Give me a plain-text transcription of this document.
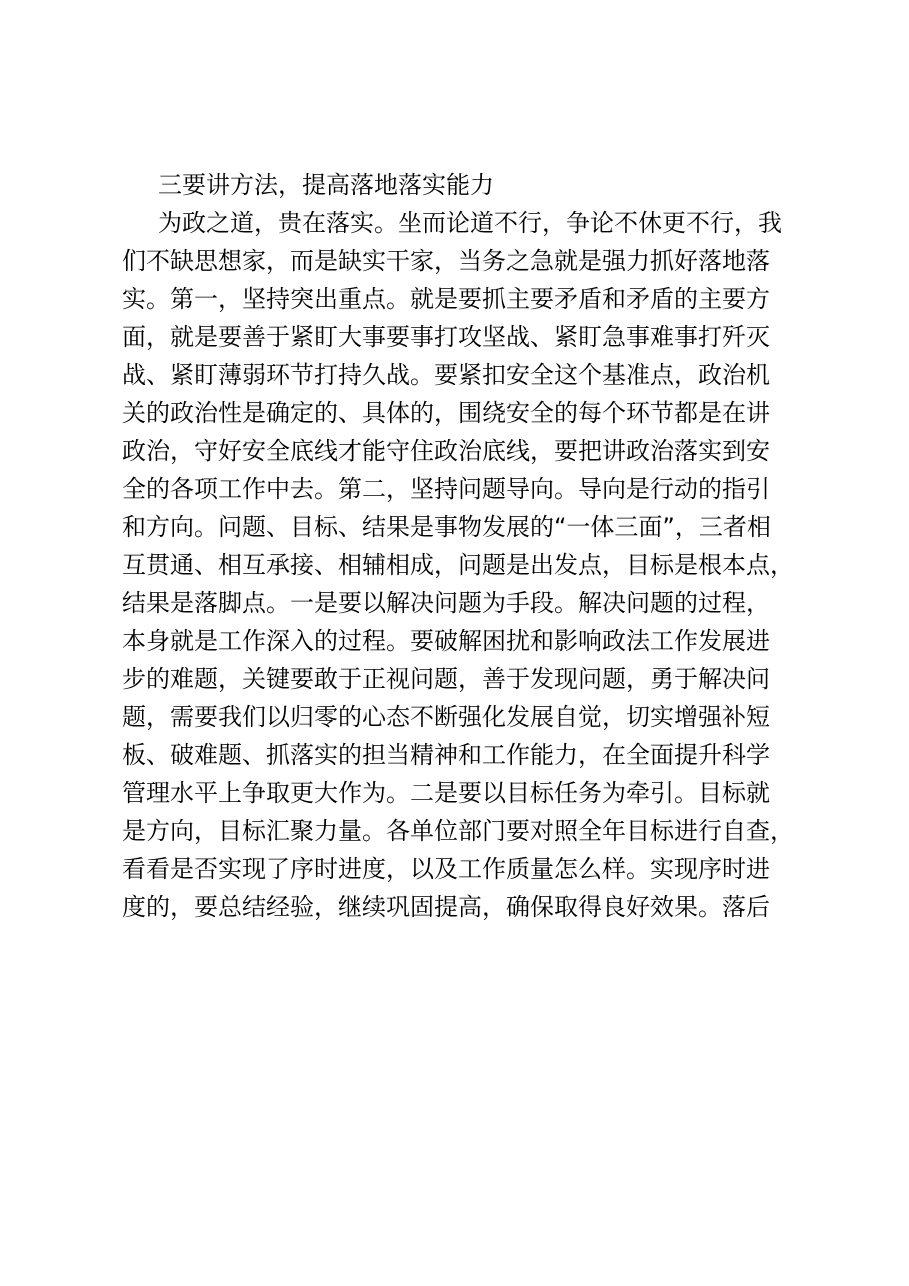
三要讲方法，提高落地落实能力
为政之道，贵在落实。坐而论道不行，争论不休更不行，我
们不缺思想家，而是缺实干家，当务之急就是强力抓好落地落
实。第一，坚持突出重点。就是要抓主要矛盾和矛盾的主要方
面，就是要善于紧盯大事要事打攻坚战、紧盯急事难事打歼灭
战、紧盯薄弱环节打持久战。要紧扣安全这个基准点，政治机
关的政治性是确定的、具体的，围绕安全的每个环节都是在讲
政治，守好安全底线才能守住政治底线，要把讲政治落实到安
全的各项工作中去。第二，坚持问题导向。导向是行动的指引
和方向。问题、目标、结果是事物发展的“一体三面”，三者相
互贯通、相互承接、相辅相成，问题是出发点，目标是根本点，
结果是落脚点。一是要以解决问题为手段。解决问题的过程，
本身就是工作深入的过程。要破解困扰和影响政法工作发展进
步的难题，关键要敢于正视问题，善于发现问题，勇于解决问
题，需要我们以归零的心态不断强化发展自觉，切实增强补短
板、破难题、抓落实的担当精神和工作能力，在全面提升科学
管理水平上争取更大作为。二是要以目标任务为牵引。目标就
是方向，目标汇聚力量。各单位部门要对照全年目标进行自查，
看看是否实现了序时进度，以及工作质量怎么样。实现序时进
度的，要总结经验，继续巩固提高，确保取得良好效果。落后
